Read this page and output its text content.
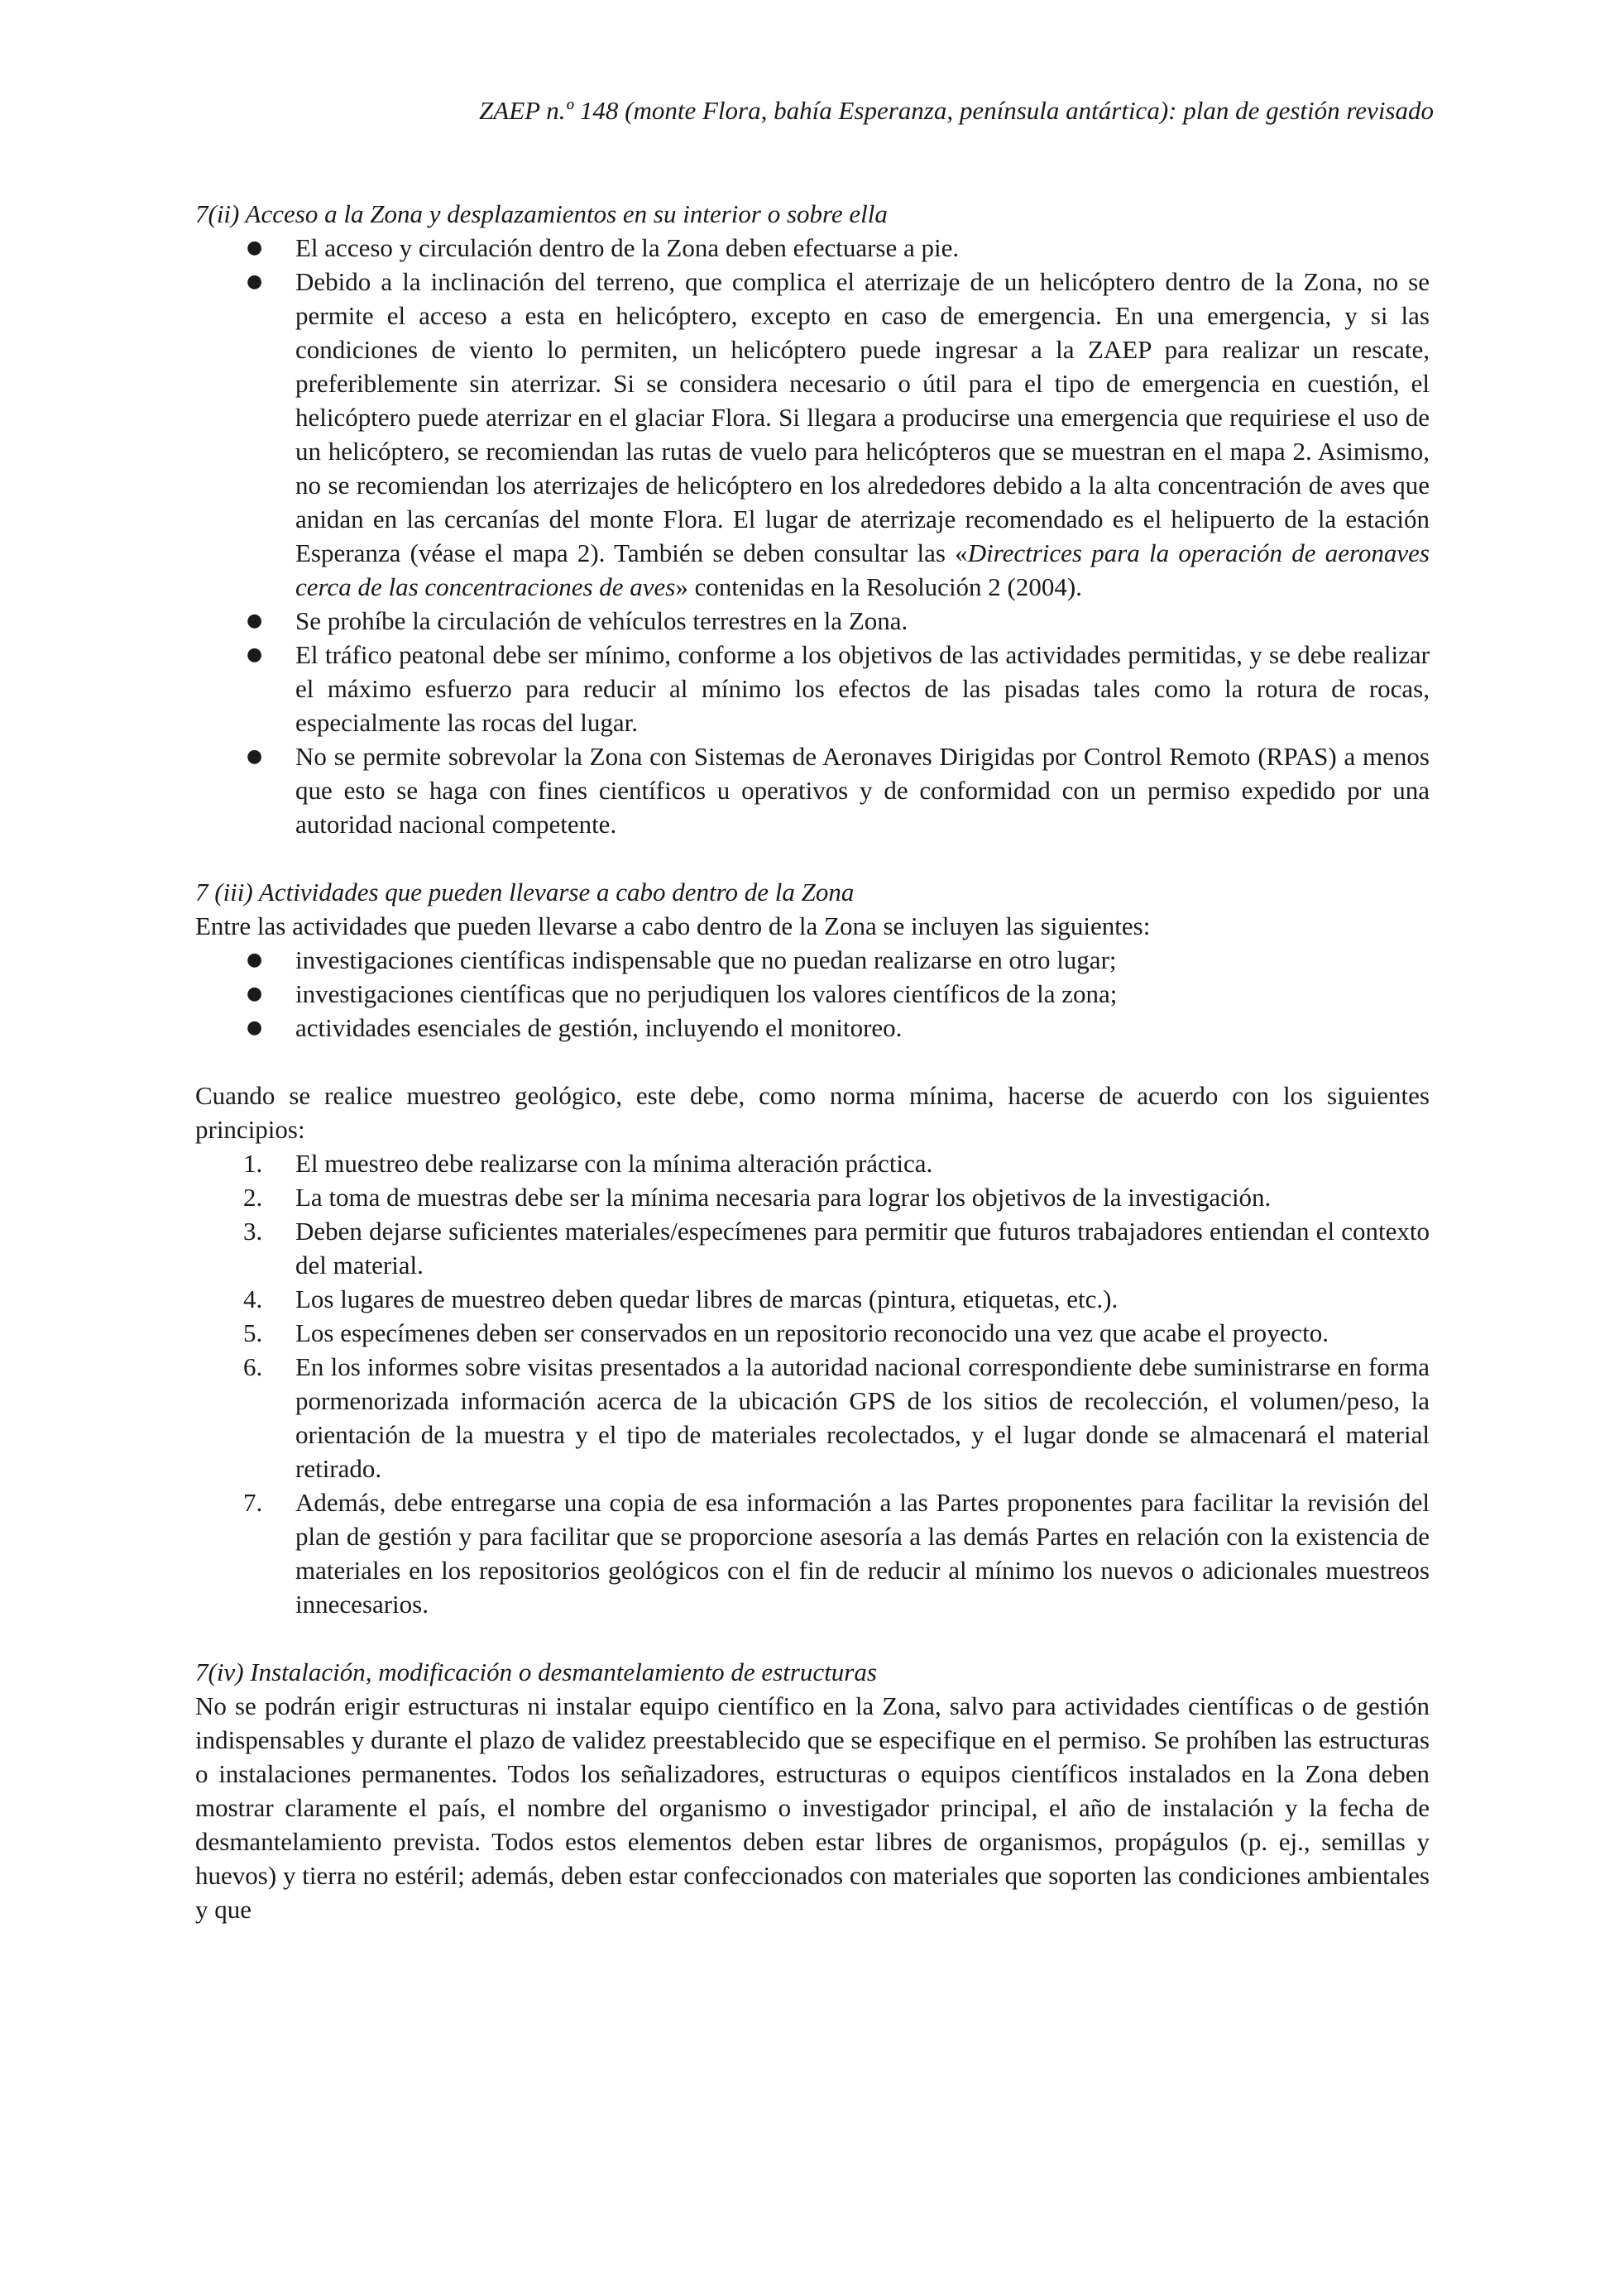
ZAEP n.º 148 (monte Flora, bahía Esperanza, península antártica): plan de gestión revisado

7(ii) Acceso a la Zona y desplazamientos en su interior o sobre ella

● El acceso y circulación dentro de la Zona deben efectuarse a pie.
● Debido a la inclinación del terreno, que complica el aterrizaje de un helicóptero dentro de la Zona, no se permite el acceso a esta en helicóptero, excepto en caso de emergencia. En una emergencia, y si las condiciones de viento lo permiten, un helicóptero puede ingresar a la ZAEP para realizar un rescate, preferiblemente sin aterrizar. Si se considera necesario o útil para el tipo de emergencia en cuestión, el helicóptero puede aterrizar en el glaciar Flora. Si llegara a producirse una emergencia que requiriese el uso de un helicóptero, se recomiendan las rutas de vuelo para helicópteros que se muestran en el mapa 2. Asimismo, no se recomiendan los aterrizajes de helicóptero en los alrededores debido a la alta concentración de aves que anidan en las cercanías del monte Flora. El lugar de aterrizaje recomendado es el helipuerto de la estación Esperanza (véase el mapa 2). También se deben consultar las «Directrices para la operación de aeronaves cerca de las concentraciones de aves» contenidas en la Resolución 2 (2004).
● Se prohíbe la circulación de vehículos terrestres en la Zona.
● El tráfico peatonal debe ser mínimo, conforme a los objetivos de las actividades permitidas, y se debe realizar el máximo esfuerzo para reducir al mínimo los efectos de las pisadas tales como la rotura de rocas, especialmente las rocas del lugar.
● No se permite sobrevolar la Zona con Sistemas de Aeronaves Dirigidas por Control Remoto (RPAS) a menos que esto se haga con fines científicos u operativos y de conformidad con un permiso expedido por una autoridad nacional competente.

7 (iii) Actividades que pueden llevarse a cabo dentro de la Zona

Entre las actividades que pueden llevarse a cabo dentro de la Zona se incluyen las siguientes:

● investigaciones científicas indispensable que no puedan realizarse en otro lugar;
● investigaciones científicas que no perjudiquen los valores científicos de la zona;
● actividades esenciales de gestión, incluyendo el monitoreo.

Cuando se realice muestreo geológico, este debe, como norma mínima, hacerse de acuerdo con los siguientes principios:

1. El muestreo debe realizarse con la mínima alteración práctica.
2. La toma de muestras debe ser la mínima necesaria para lograr los objetivos de la investigación.
3. Deben dejarse suficientes materiales/especímenes para permitir que futuros trabajadores entiendan el contexto del material.
4. Los lugares de muestreo deben quedar libres de marcas (pintura, etiquetas, etc.).
5. Los especímenes deben ser conservados en un repositorio reconocido una vez que acabe el proyecto.
6. En los informes sobre visitas presentados a la autoridad nacional correspondiente debe suministrarse en forma pormenorizada información acerca de la ubicación GPS de los sitios de recolección, el volumen/peso, la orientación de la muestra y el tipo de materiales recolectados, y el lugar donde se almacenará el material retirado.
7. Además, debe entregarse una copia de esa información a las Partes proponentes para facilitar la revisión del plan de gestión y para facilitar que se proporcione asesoría a las demás Partes en relación con la existencia de materiales en los repositorios geológicos con el fin de reducir al mínimo los nuevos o adicionales muestreos innecesarios.

7(iv) Instalación, modificación o desmantelamiento de estructuras

No se podrán erigir estructuras ni instalar equipo científico en la Zona, salvo para actividades científicas o de gestión indispensables y durante el plazo de validez preestablecido que se especifique en el permiso. Se prohíben las estructuras o instalaciones permanentes. Todos los señalizadores, estructuras o equipos científicos instalados en la Zona deben mostrar claramente el país, el nombre del organismo o investigador principal, el año de instalación y la fecha de desmantelamiento prevista. Todos estos elementos deben estar libres de organismos, propágulos (p. ej., semillas y huevos) y tierra no estéril; además, deben estar confeccionados con materiales que soporten las condiciones ambientales y que
